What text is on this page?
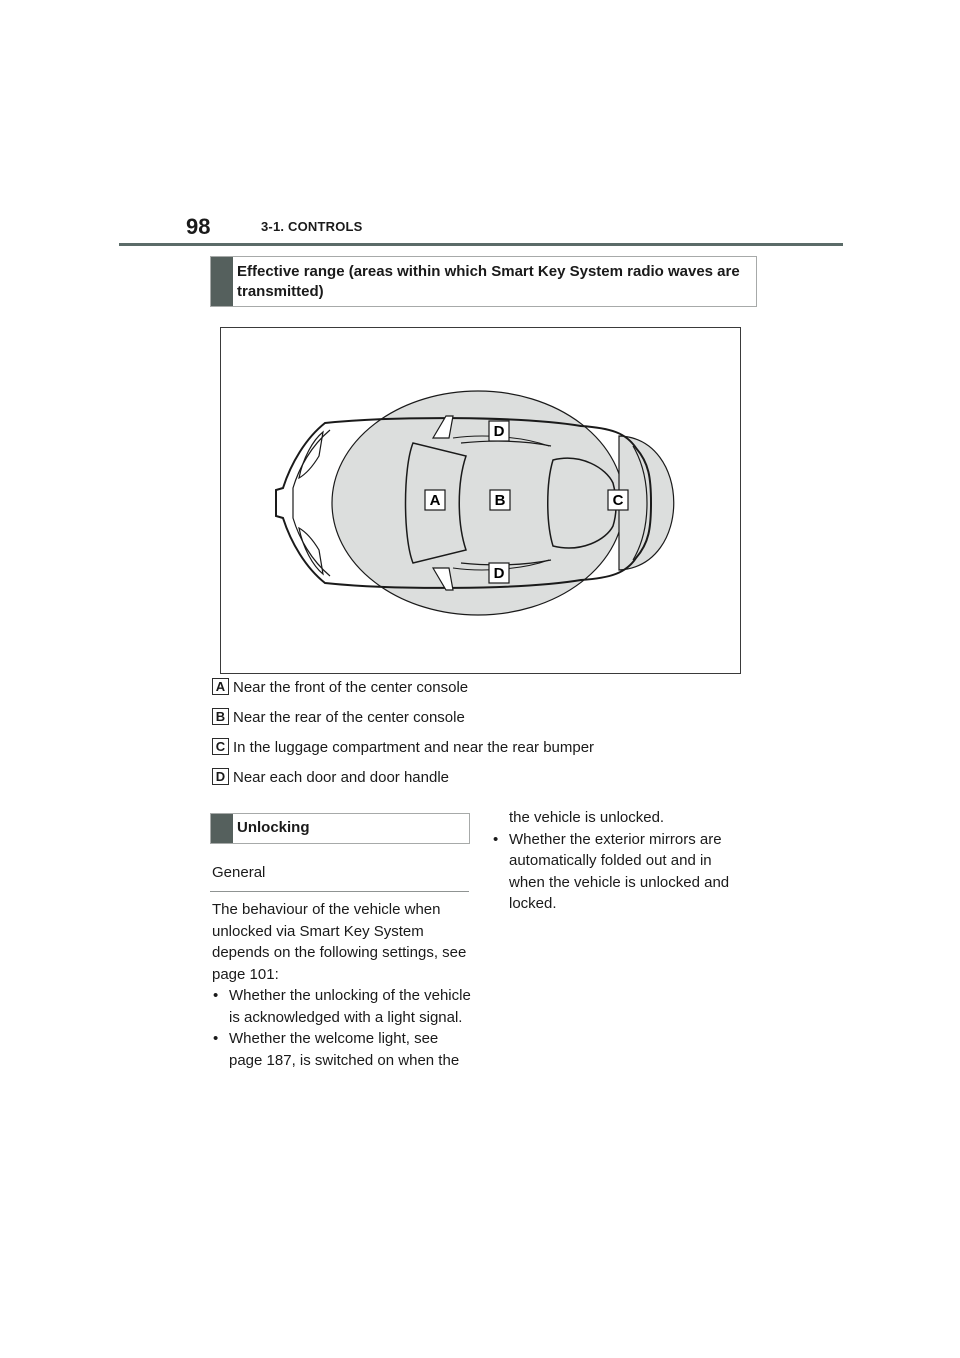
98	3-1. CONTROLS
Effective range (areas within which Smart Key System radio waves are transmitted)
A	B	C
D
D
A Near the front of the center console
B Near the rear of the center console
C In the luggage compartment and near the rear bumper
D Near each door and door handle
Unlocking
General
The behaviour of the vehicle when unlocked via Smart Key System depends on the following settings, see page 101:
• Whether the unlocking of the vehicle is acknowledged with a light signal.
• Whether the welcome light, see page 187, is switched on when the
the vehicle is unlocked.
• Whether the exterior mirrors are automatically folded out and in when the vehicle is unlocked and locked.
